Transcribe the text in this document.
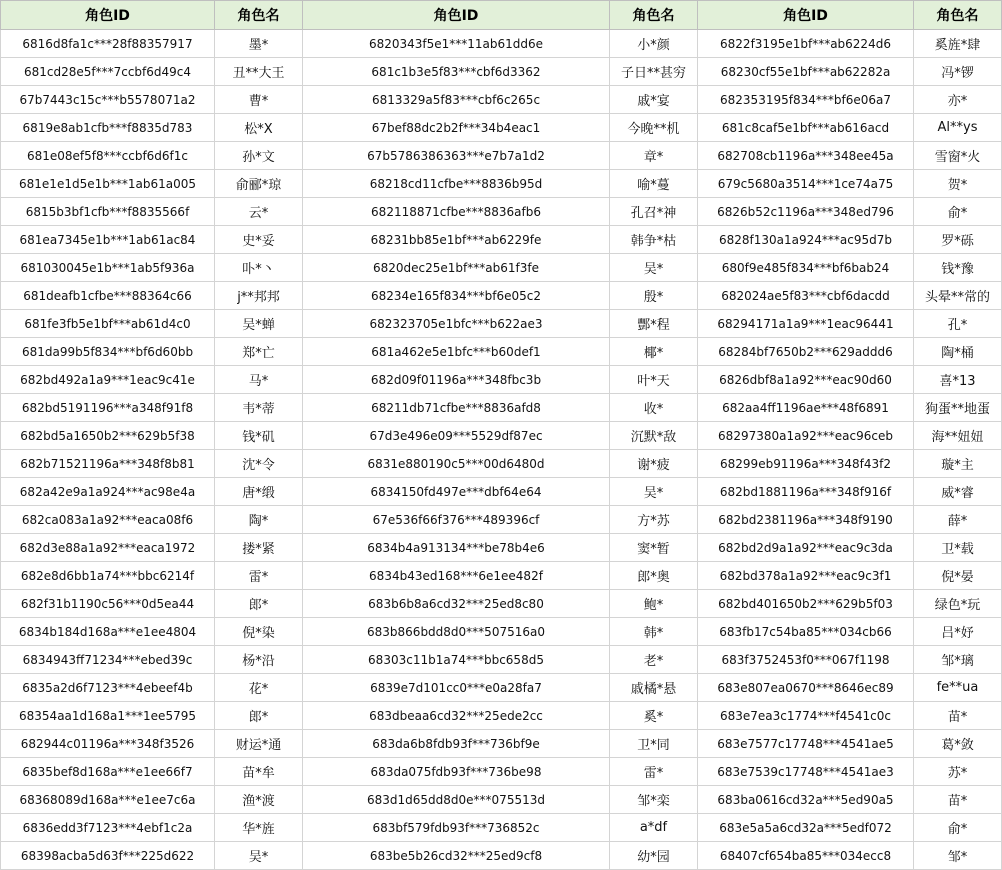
角色ID	角色名	角色ID	角色名	角色ID	角色名
6816d8fa1c***28f88357917	墨*	6820343f5e1***11ab61dd6e	小*颜	6822f3195e1bf***ab6224d6	奚旌*肆
681cd28e5f***7ccbf6d49c4	丑**大王	681c1b3e5f83***cbf6d3362	子日**甚穷	68230cf55e1bf***ab62282a	冯*锣
67b7443c15c***b5578071a2	曹*	6813329a5f83***cbf6c265c	戚*宴	682353195f834***bf6e06a7	亦*
6819e8ab1cfb***f8835d783	松*X	67bef88dc2b2f***34b4eac1	今晚**机	681c8caf5e1bf***ab616acd	Al**ys
681e08ef5f8***ccbf6d6f1c	孙*文	67b5786386363***e7b7a1d2	章*	682708cb1196a***348ee45a	雪窗*火
681e1e1d5e1b***1ab61a005	俞郦*琼	68218cd11cfbe***8836b95d	喻*蔓	679c5680a3514***1ce74a75	贺*
6815b3bf1cfb***f8835566f	云*	682118871cfbe***8836afb6	孔召*神	6826b52c1196a***348ed796	俞*
681ea7345e1b***1ab61ac84	史*妥	68231bb85e1bf***ab6229fe	韩争*枯	6828f130a1a924***ac95d7b	罗*砾
681030045e1b***1ab5f936a	卟*丶	6820dec25e1bf***ab61f3fe	吴*	680f9e485f834***bf6bab24	钱*豫
681deafb1cfbe***88364c66	j**邦邦	68234e165f834***bf6e05c2	殷*	682024ae5f83***cbf6dacdd	头晕**常的
681fe3fb5e1bf***ab61d4c0	吴*蝉	682323705e1bfc***b622ae3	酆*程	68294171a1a9***1eac96441	孔*
681da99b5f834***bf6d60bb	郑*亡	681a462e5e1bfc***b60def1	椰*	68284bf7650b2***629addd6	陶*桶
682bd492a1a9***1eac9c41e	马*	682d09f01196a***348fbc3b	叶*天	6826dbf8a1a92***eac90d60	喜*13
682bd5191196***a348f91f8	韦*蒂	68211db71cfbe***8836afd8	收*	682aa4ff1196ae***48f6891	狗蛋**地蛋
682bd5a1650b2***629b5f38	钱*矶	67d3e496e09***5529df87ec	沉默*敌	68297380a1a92***eac96ceb	海**妞妞
682b71521196a***348f8b81	沈*令	6831e880190c5***00d6480d	谢*疲	68299eb91196a***348f43f2	璇*主
682a42e9a1a924***ac98e4a	唐*缎	6834150fd497e***dbf64e64	吴*	682bd1881196a***348f916f	威*睿
682ca083a1a92***eaca08f6	陶*	67e536f66f376***489396cf	方*苏	682bd2381196a***348f9190	薛*
682d3e88a1a92***eaca1972	搂*紧	6834b4a913134***be78b4e6	窦*暂	682bd2d9a1a92***eac9c3da	卫*载
682e8d6bb1a74***bbc6214f	雷*	6834b43ed168***6e1ee482f	郎*奥	682bd378a1a92***eac9c3f1	倪*晏
682f31b1190c56***0d5ea44	郎*	683b6b8a6cd32***25ed8c80	鲍*	682bd401650b2***629b5f03	绿色*玩
6834b184d168a***e1ee4804	倪*染	683b866bdd8d0***507516a0	韩*	683fb17c54ba85***034cb66	吕*妤
6834943ff71234***ebed39c	杨*沿	68303c11b1a74***bbc658d5	老*	683f3752453f0***067f1198	邹*璃
6835a2d6f7123***4ebeef4b	花*	6839e7d101cc0***e0a28fa7	戚橘*悬	683e807ea0670***8646ec89	fe**ua
68354aa1d168a1***1ee5795	郎*	683dbeaa6cd32***25ede2cc	奚*	683e7ea3c1774***f4541c0c	苗*
682944c01196a***348f3526	财运*通	683da6b8fdb93f***736bf9e	卫*同	683e7577c17748***4541ae5	葛*敛
6835bef8d168a***e1ee66f7	苗*牟	683da075fdb93f***736be98	雷*	683e7539c17748***4541ae3	苏*
68368089d168a***e1ee7c6a	渔*渡	683d1d65dd8d0e***075513d	邹*栾	683ba0616cd32a***5ed90a5	苗*
6836edd3f7123***4ebf1c2a	华*旌	683bf579fdb93f***736852c	a*df	683e5a5a6cd32a***5edf072	俞*
68398acba5d63f***225d622	吴*	683be5b26cd32***25ed9cf8	幼*园	68407cf654ba85***034ecc8	邹*
